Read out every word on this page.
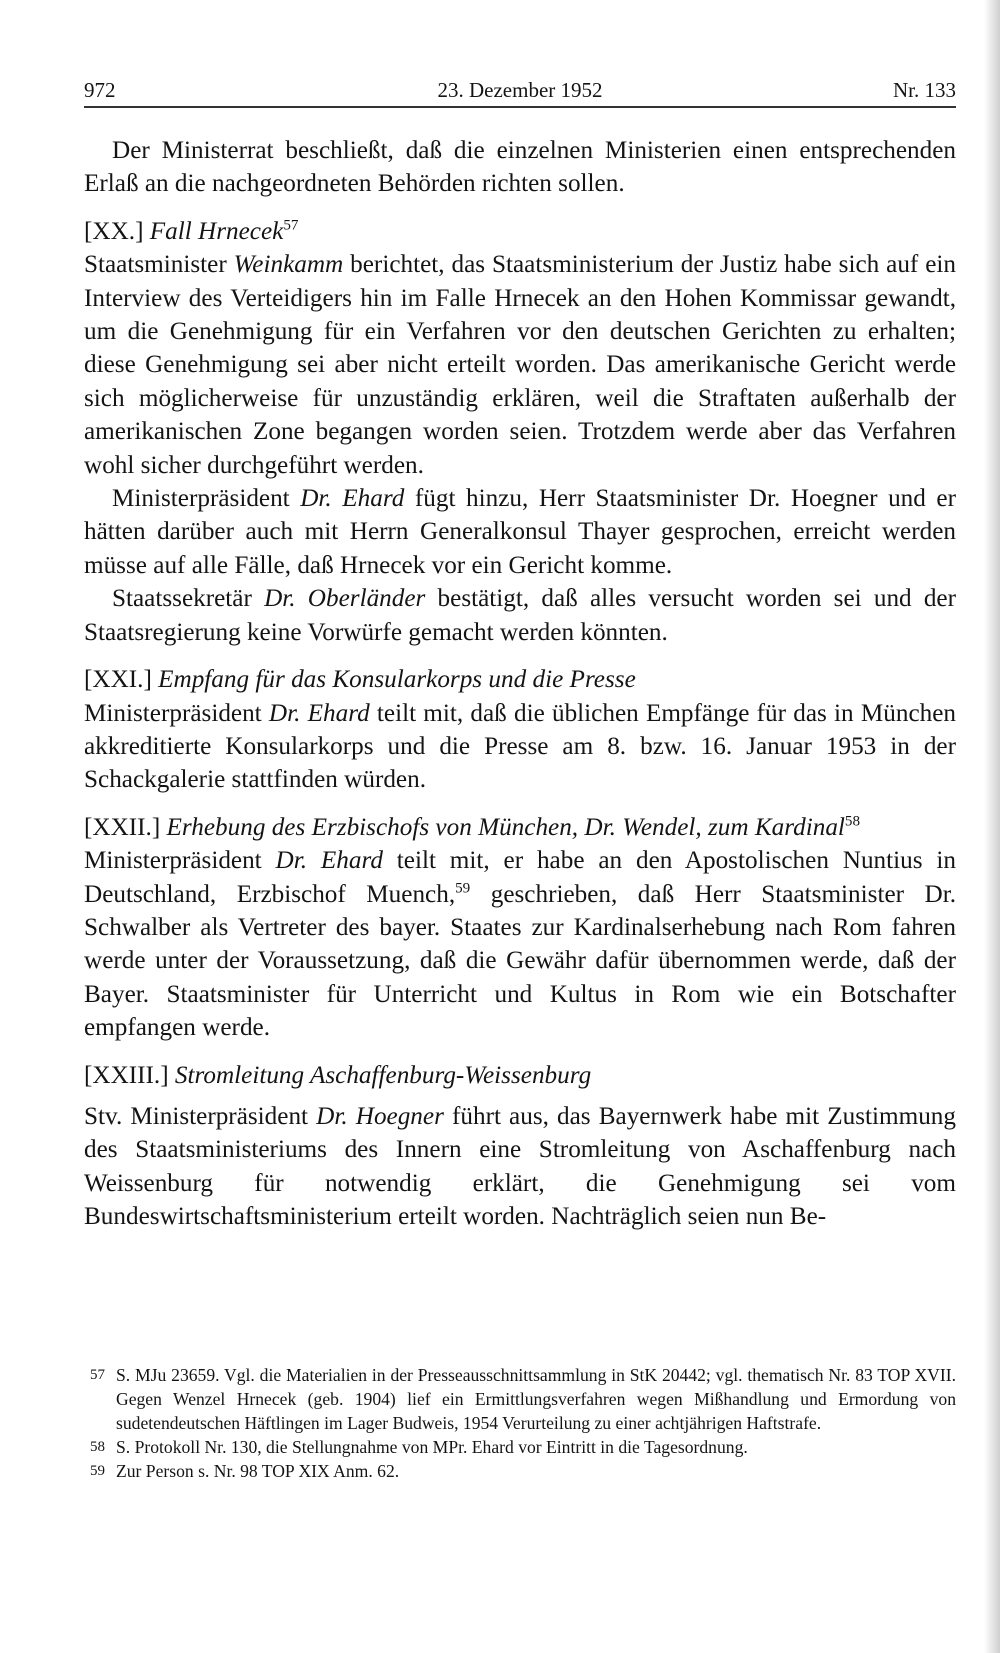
972	23. Dezember 1952	Nr. 133

Der Ministerrat beschließt, daß die einzelnen Ministerien einen entsprechenden Erlaß an die nachgeordneten Behörden richten sollen.

[XX.] Fall Hrnecek$^{57}$

Staatsminister Weinkamm berichtet, das Staatsministerium der Justiz habe sich auf ein Interview des Verteidigers hin im Falle Hrnecek an den Hohen Kommissar gewandt, um die Genehmigung für ein Verfahren vor den deutschen Gerichten zu erhalten; diese Genehmigung sei aber nicht erteilt worden. Das amerikanische Gericht werde sich möglicherweise für unzuständig erklären, weil die Straftaten außerhalb der amerikanischen Zone begangen worden seien. Trotzdem werde aber das Verfahren wohl sicher durchgeführt werden.

Ministerpräsident Dr. Ehard fügt hinzu, Herr Staatsminister Dr. Hoegner und er hätten darüber auch mit Herrn Generalkonsul Thayer gesprochen, erreicht werden müsse auf alle Fälle, daß Hrnecek vor ein Gericht komme.

Staatssekretär Dr. Oberländer bestätigt, daß alles versucht worden sei und der Staatsregierung keine Vorwürfe gemacht werden könnten.

[XXI.] Empfang für das Konsularkorps und die Presse

Ministerpräsident Dr. Ehard teilt mit, daß die üblichen Empfänge für das in München akkreditierte Konsularkorps und die Presse am 8. bzw. 16. Januar 1953 in der Schackgalerie stattfinden würden.

[XXII.] Erhebung des Erzbischofs von München, Dr. Wendel, zum Kardinal$^{58}$

Ministerpräsident Dr. Ehard teilt mit, er habe an den Apostolischen Nuntius in Deutschland, Erzbischof Muench,$^{59}$ geschrieben, daß Herr Staatsminister Dr. Schwalber als Vertreter des bayer. Staates zur Kardinalserhebung nach Rom fahren werde unter der Voraussetzung, daß die Gewähr dafür übernommen werde, daß der Bayer. Staatsminister für Unterricht und Kultus in Rom wie ein Botschafter empfangen werde.

[XXIII.] Stromleitung Aschaffenburg-Weissenburg

Stv. Ministerpräsident Dr. Hoegner führt aus, das Bayernwerk habe mit Zustimmung des Staatsministeriums des Innern eine Stromleitung von Aschaffenburg nach Weissenburg für notwendig erklärt, die Genehmigung sei vom Bundeswirtschaftsministerium erteilt worden. Nachträglich seien nun Be-

57 S. MJu 23659. Vgl. die Materialien in der Presseausschnittsammlung in StK 20442; vgl. thematisch Nr. 83 TOP XVII. Gegen Wenzel Hrnecek (geb. 1904) lief ein Ermittlungsverfahren wegen Mißhandlung und Ermordung von sudetendeutschen Häftlingen im Lager Budweis, 1954 Verurteilung zu einer achtjährigen Haftstrafe.

58 S. Protokoll Nr. 130, die Stellungnahme von MPr. Ehard vor Eintritt in die Tagesordnung.

59 Zur Person s. Nr. 98 TOP XIX Anm. 62.
